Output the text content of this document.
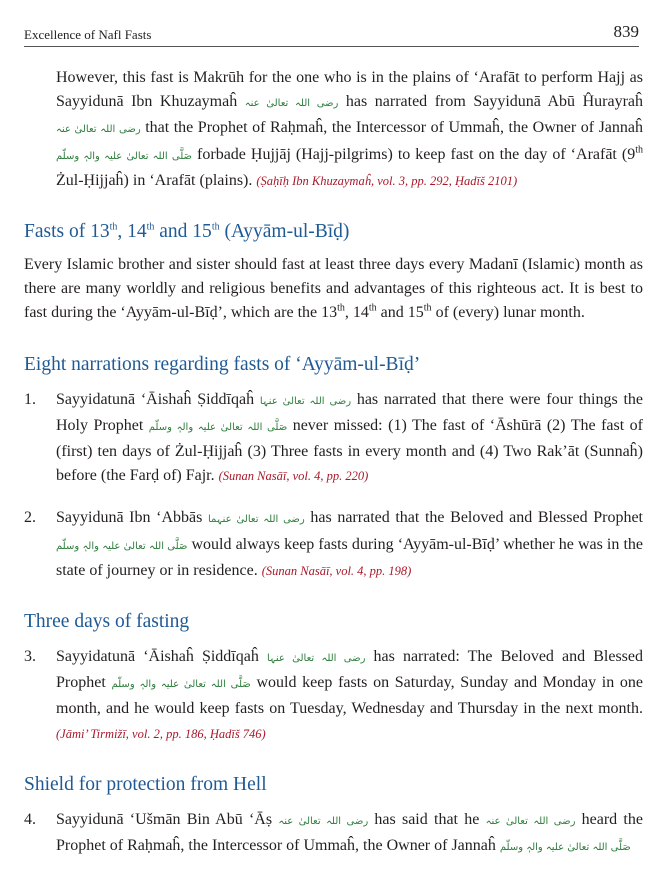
Excellence of Nafl Fasts	839

However, this fast is Makrūh for the one who is in the plains of ‘Arafāt to perform Hajj as Sayyidunā Ibn Khuzaymaĥ رضی اللہ تعالیٰ عنہ has narrated from Sayyidunā Abū Ĥurayraĥ رضی اللہ تعالیٰ عنہ that the Prophet of Raḥmaĥ, the Intercessor of Ummaĥ, the Owner of Jannaĥ صَلَّی اللہ تعالیٰ علیہ والہٖ وسلّم forbade Ḥujjāj (Hajj-pilgrims) to keep fast on the day of ‘Arafāt (9th Żul-Ḥijjaĥ) in ‘Arafāt (plains). (Ṣaḥīḥ Ibn Khuzaymaĥ, vol. 3, pp. 292, Ḥadīš 2101)

Fasts of 13th, 14th and 15th (Ayyām-ul-Bīḍ)

Every Islamic brother and sister should fast at least three days every Madanī (Islamic) month as there are many worldly and religious benefits and advantages of this righteous act. It is best to fast during the ‘Ayyām-ul-Bīḍ’, which are the 13th, 14th and 15th of (every) lunar month.

Eight narrations regarding fasts of ‘Ayyām-ul-Bīḍ’
1.	Sayyidatunā ‘Āishaĥ Ṣiddīqaĥ رضی اللہ تعالیٰ عنہا has narrated that there were four things the Holy Prophet صَلَّی اللہ تعالیٰ علیہ والہٖ وسلّم never missed: (1) The fast of ‘Āshūrā (2) The fast of (first) ten days of Żul-Ḥijjaĥ (3) Three fasts in every month and (4) Two Rak’āt (Sunnaĥ) before (the Farḍ of) Fajr. (Sunan Nasāī, vol. 4, pp. 220)
2.	Sayyidunā Ibn ‘Abbās رضی اللہ تعالیٰ عنہما has narrated that the Beloved and Blessed Prophet صَلَّی اللہ تعالیٰ علیہ والہٖ وسلّم would always keep fasts during ‘Ayyām-ul-Bīḍ’ whether he was in the state of journey or in residence. (Sunan Nasāī, vol. 4, pp. 198)
Three days of fasting
3.	Sayyidatunā ‘Āishaĥ Ṣiddīqaĥ رضی اللہ تعالیٰ عنہا has narrated: The Beloved and Blessed Prophet صَلَّی اللہ تعالیٰ علیہ والہٖ وسلّم would keep fasts on Saturday, Sunday and Monday in one month, and he would keep fasts on Tuesday, Wednesday and Thursday in the next month. (Jāmi’ Tirmižī, vol. 2, pp. 186, Ḥadīš 746)
Shield for protection from Hell
4.	Sayyidunā ‘Ušmān Bin Abū ‘Āṣ رضی اللہ تعالیٰ عنہ has said that he رضی اللہ تعالیٰ عنہ heard the Prophet of Raḥmaĥ, the Intercessor of Ummaĥ, the Owner of Jannaĥ صَلَّی اللہ تعالیٰ علیہ والہٖ وسلّم
